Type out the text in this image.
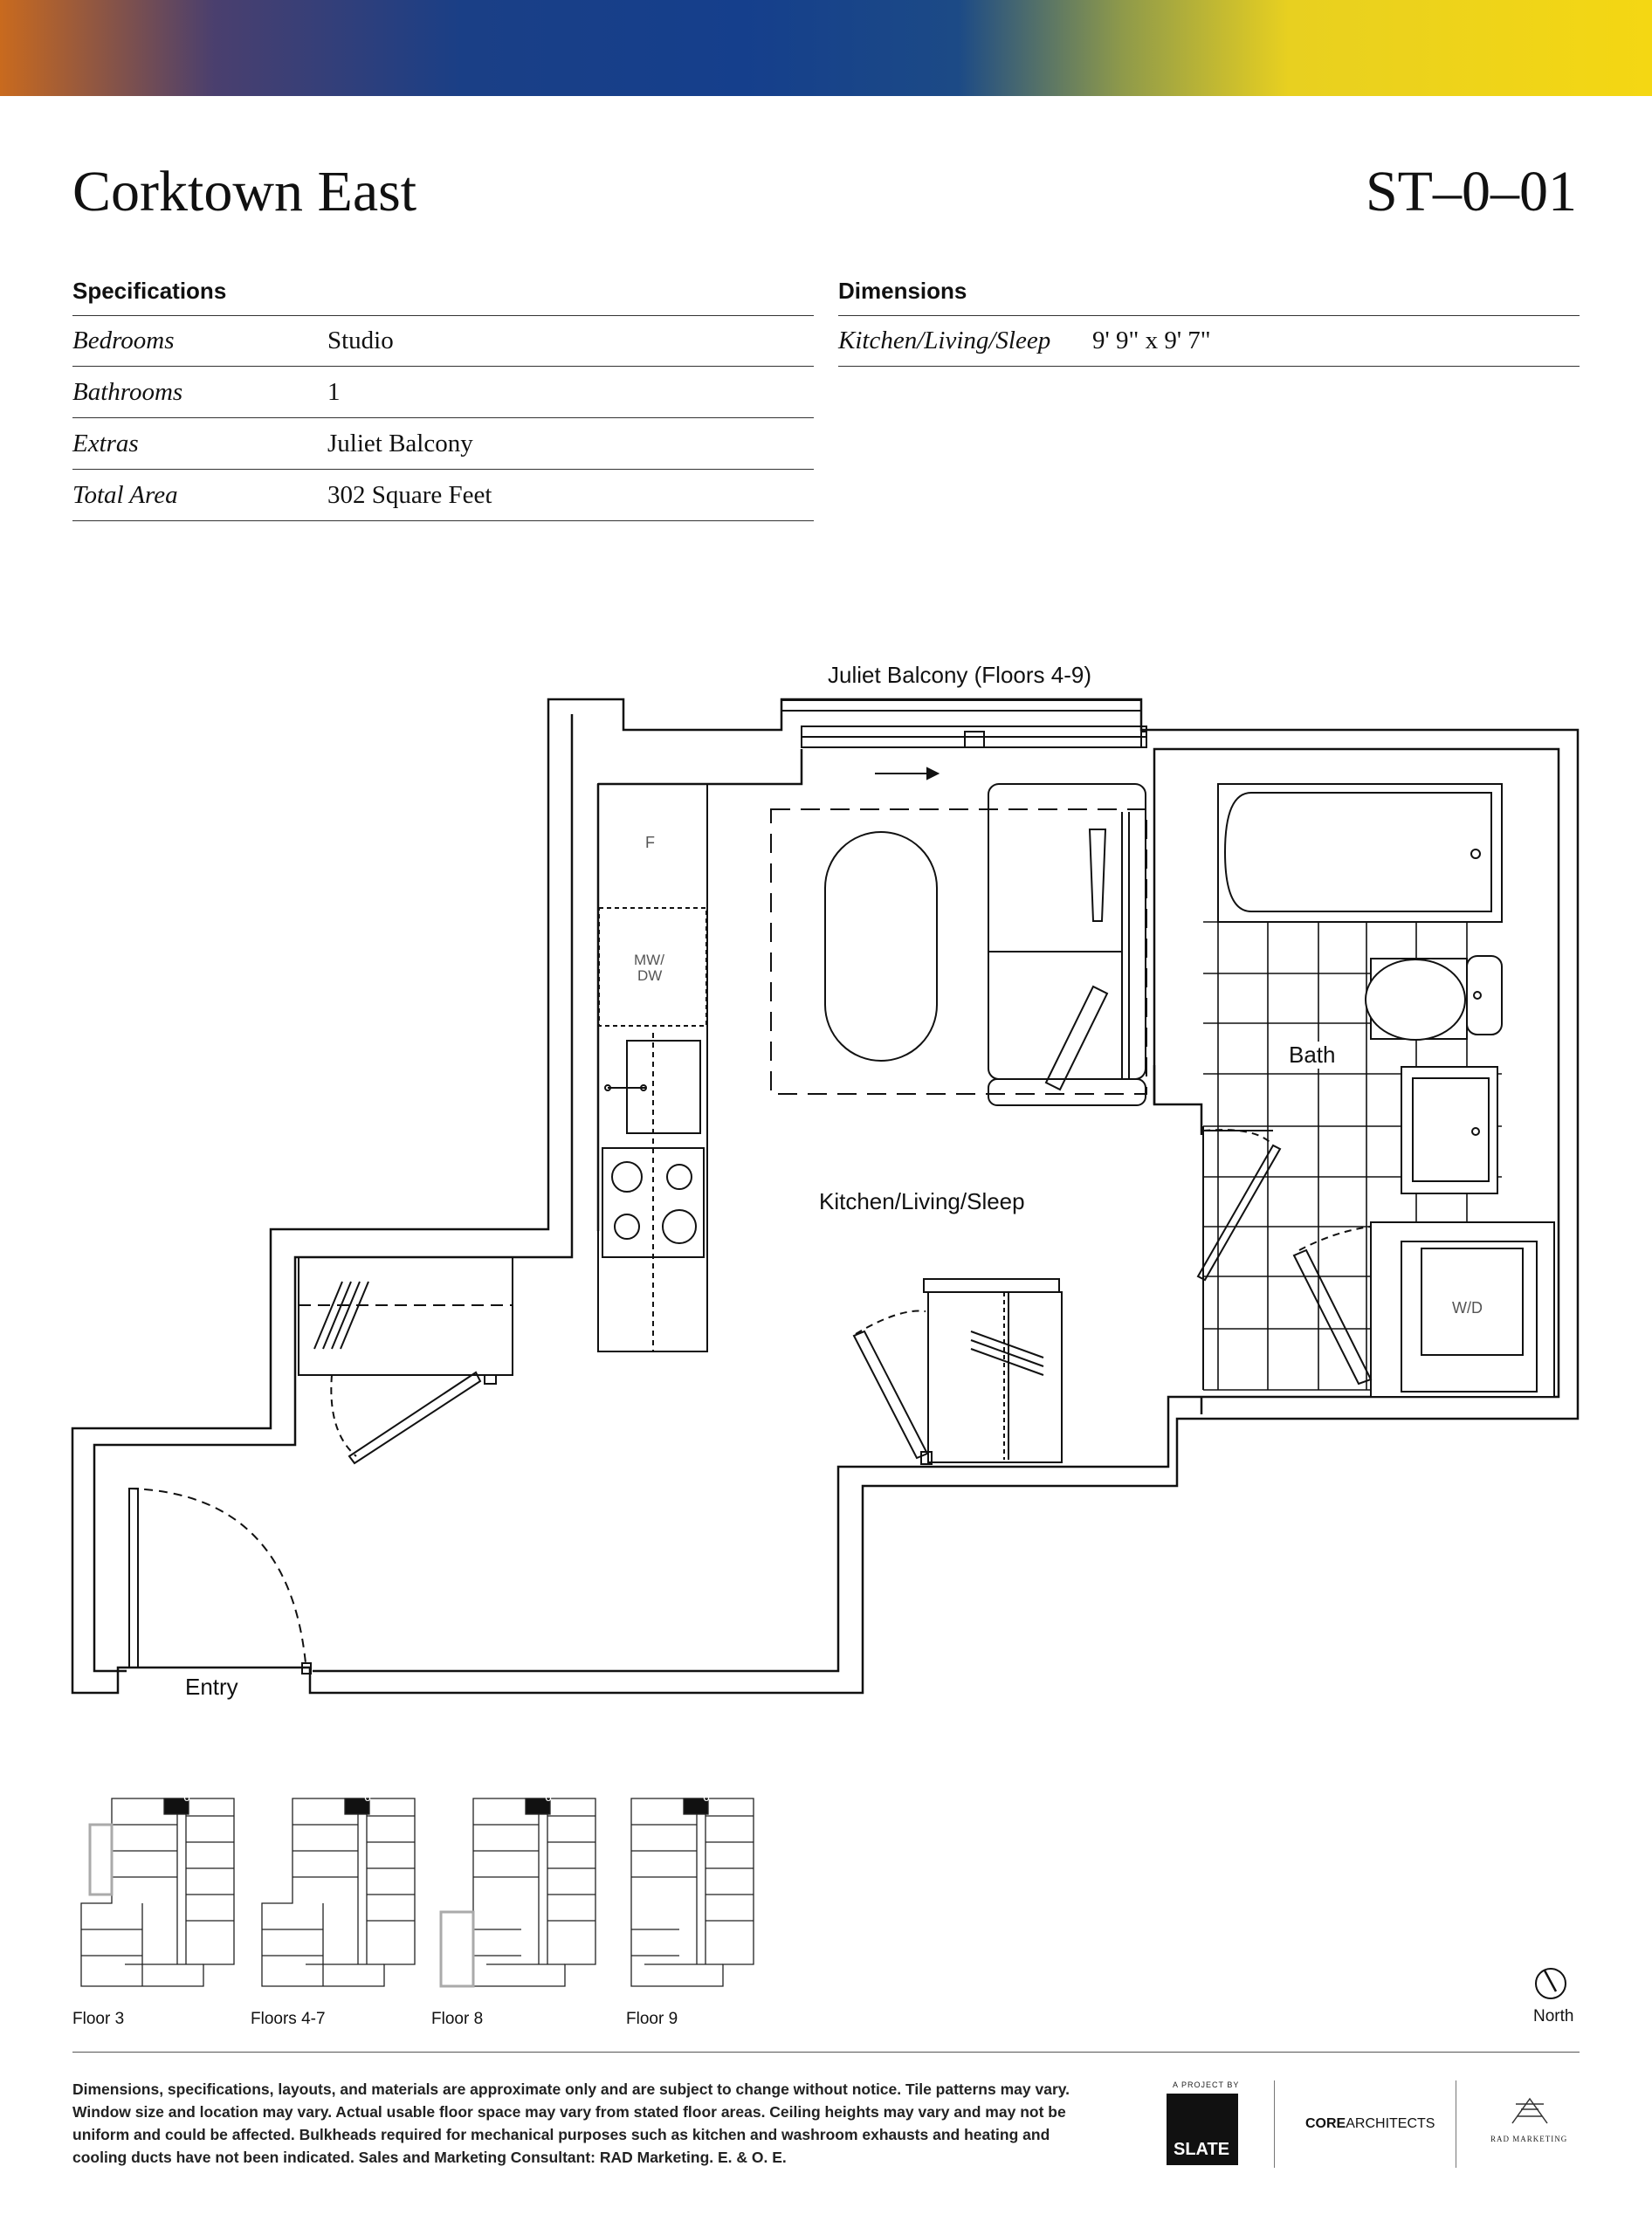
Corktown East	ST–0–01
Specifications
Bedrooms	Studio
Bathrooms	1
Extras	Juliet Balcony
Total Area	302 Square Feet
Dimensions
Kitchen/Living/Sleep 9' 9" x 9' 7"
Juliet Balcony (Floors 4-9)
Kitchen/Living/Sleep
Bath
Entry
F
MW/
DW
W/D
6	6	6	6
Floor 3	Floors 4-7	Floor 8	Floor 9	North
Dimensions, specifications, layouts, and materials are approximate only and are subject to change without notice. Tile patterns may vary. Window size and location may vary. Actual usable floor space may vary from stated floor areas. Ceiling heights may vary and may not be uniform and could be affected. Bulkheads required for mechanical purposes such as kitchen and washroom exhausts and heating and cooling ducts have not been indicated. Sales and Marketing Consultant: RAD Marketing. E. & O. E.
A PROJECT BY
SLATE
COREARCHITECTS
RAD MARKETING
